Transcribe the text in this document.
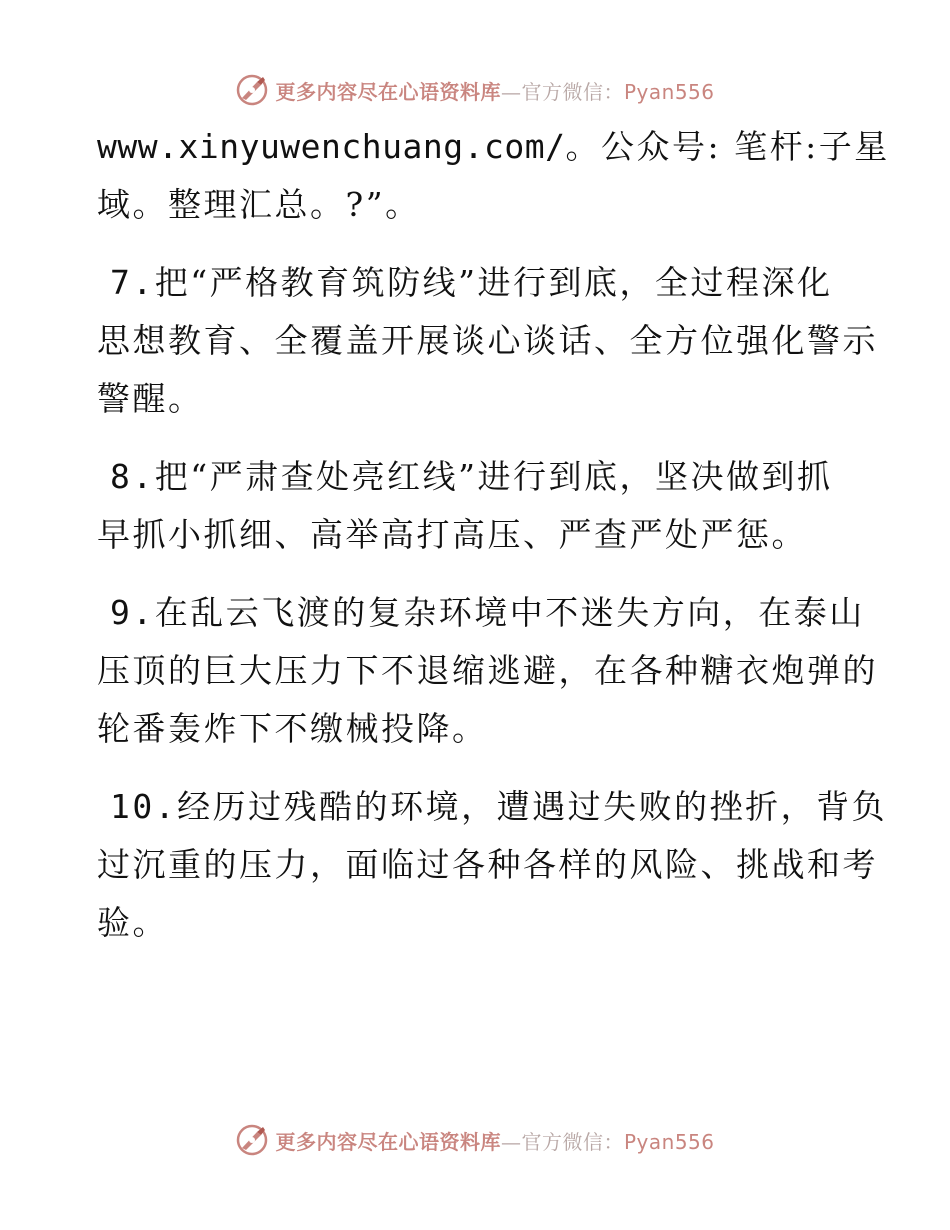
更多内容尽在心语资料库—官方微信：Pyan556

www.xinyuwenchuang.com/。公众号: 笔杆:子星
域。整理汇总。?”。

7.把“严格教育筑防线”进行到底，全过程深化
思想教育、全覆盖开展谈心谈话、全方位强化警示
警醒。

8.把“严肃查处亮红线”进行到底，坚决做到抓
早抓小抓细、高举高打高压、严查严处严惩。

9.在乱云飞渡的复杂环境中不迷失方向，在泰山
压顶的巨大压力下不退缩逃避，在各种糖衣炮弹的
轮番轰炸下不缴械投降。

10.经历过残酷的环境，遭遇过失败的挫折，背负
过沉重的压力，面临过各种各样的风险、挑战和考
验。

更多内容尽在心语资料库—官方微信：Pyan556
